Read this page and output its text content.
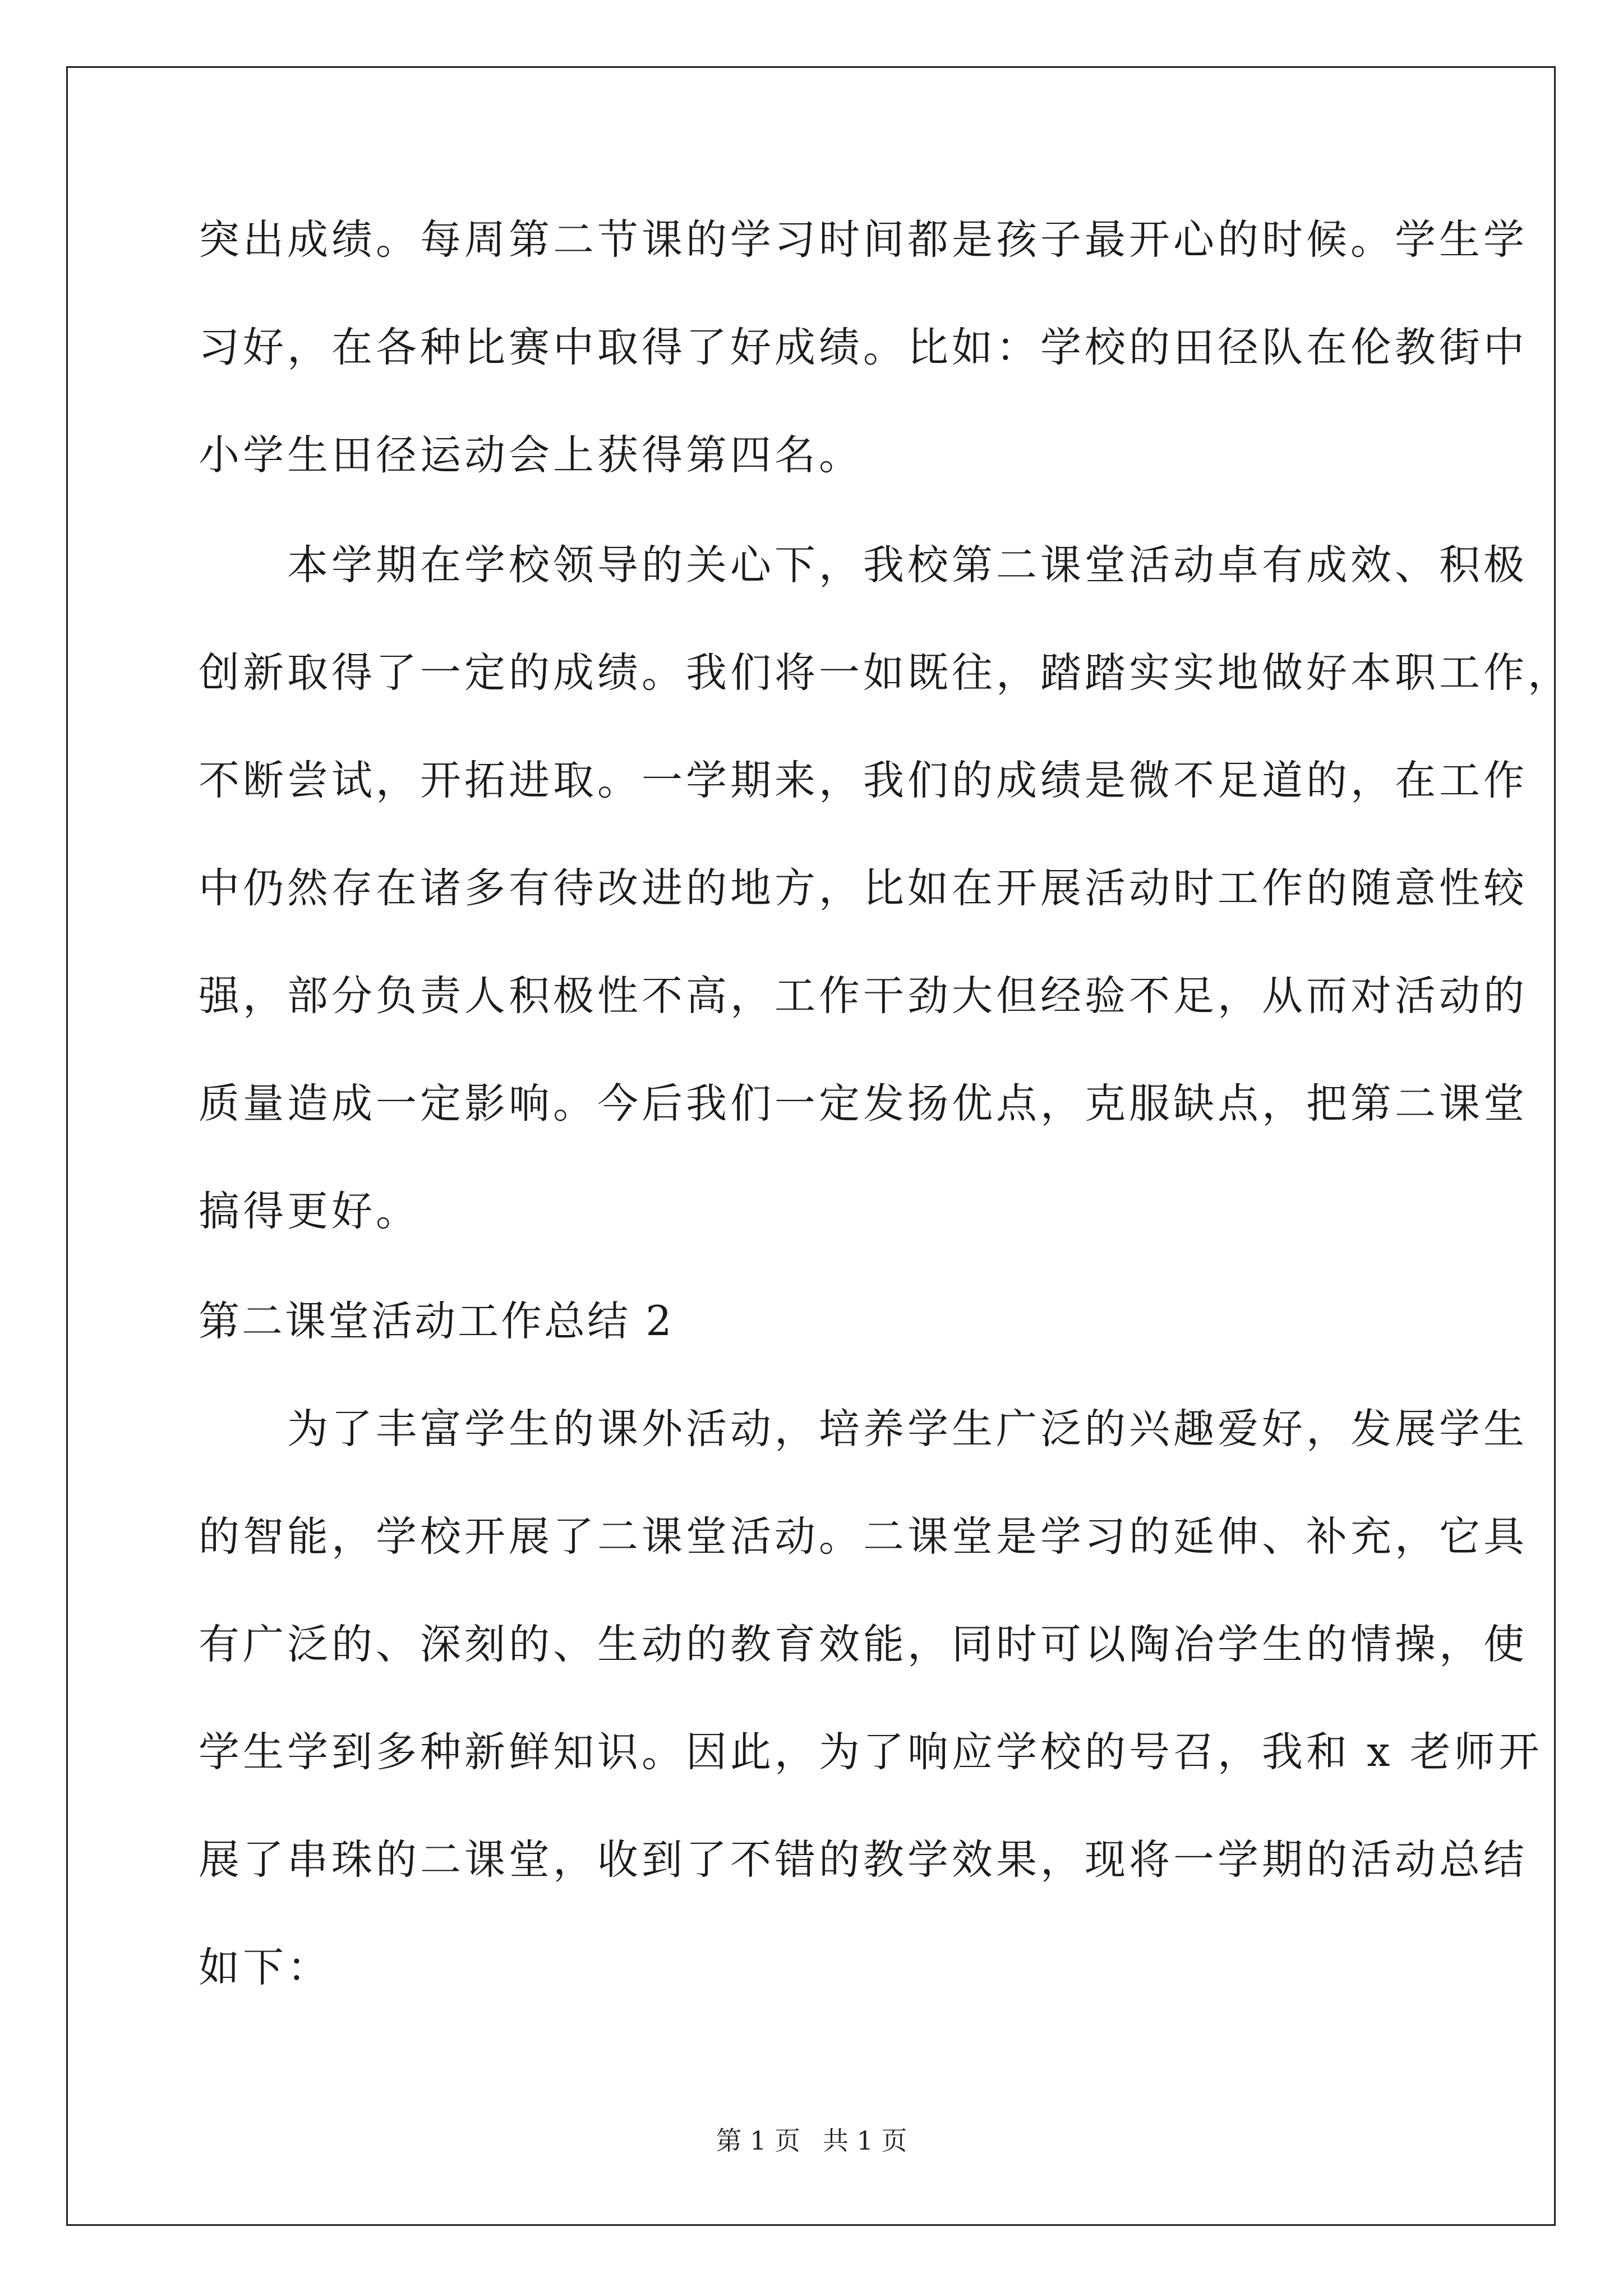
突出成绩。每周第二节课的学习时间都是孩子最开心的时候。学生学
习好，在各种比赛中取得了好成绩。比如：学校的田径队在伦教街中
小学生田径运动会上获得第四名。
　　本学期在学校领导的关心下，我校第二课堂活动卓有成效、积极
创新取得了一定的成绩。我们将一如既往，踏踏实实地做好本职工作，
不断尝试，开拓进取。一学期来，我们的成绩是微不足道的，在工作
中仍然存在诸多有待改进的地方，比如在开展活动时工作的随意性较
强，部分负责人积极性不高，工作干劲大但经验不足，从而对活动的
质量造成一定影响。今后我们一定发扬优点，克服缺点，把第二课堂
搞得更好。
第二课堂活动工作总结 2
　　为了丰富学生的课外活动，培养学生广泛的兴趣爱好，发展学生
的智能，学校开展了二课堂活动。二课堂是学习的延伸、补充，它具
有广泛的、深刻的、生动的教育效能，同时可以陶冶学生的情操，使
学生学到多种新鲜知识。因此，为了响应学校的号召，我和 x 老师开
展了串珠的二课堂，收到了不错的教学效果，现将一学期的活动总结
如下：
第 1 页 共 1 页
